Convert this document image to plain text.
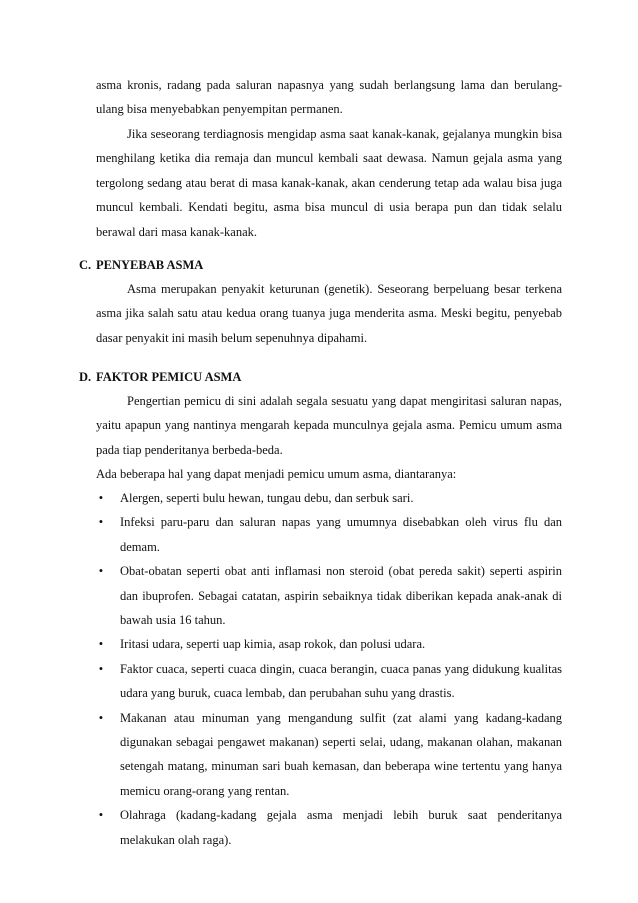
asma kronis, radang pada saluran napasnya yang sudah berlangsung lama dan berulang-ulang bisa menyebabkan penyempitan permanen.

Jika seseorang terdiagnosis mengidap asma saat kanak-kanak, gejalanya mungkin bisa menghilang ketika dia remaja dan muncul kembali saat dewasa. Namun gejala asma yang tergolong sedang atau berat di masa kanak-kanak, akan cenderung tetap ada walau bisa juga muncul kembali. Kendati begitu, asma bisa muncul di usia berapa pun dan tidak selalu berawal dari masa kanak-kanak.

C. PENYEBAB ASMA

Asma merupakan penyakit keturunan (genetik). Seseorang berpeluang besar terkena asma jika salah satu atau kedua orang tuanya juga menderita asma. Meski begitu, penyebab dasar penyakit ini masih belum sepenuhnya dipahami.

D. FAKTOR PEMICU ASMA

Pengertian pemicu di sini adalah segala sesuatu yang dapat mengiritasi saluran napas, yaitu apapun yang nantinya mengarah kepada munculnya gejala asma. Pemicu umum asma pada tiap penderitanya berbeda-beda.

Ada beberapa hal yang dapat menjadi pemicu umum asma, diantaranya:

• Alergen, seperti bulu hewan, tungau debu, dan serbuk sari.
• Infeksi paru-paru dan saluran napas yang umumnya disebabkan oleh virus flu dan demam.
• Obat-obatan seperti obat anti inflamasi non steroid (obat pereda sakit) seperti aspirin dan ibuprofen. Sebagai catatan, aspirin sebaiknya tidak diberikan kepada anak-anak di bawah usia 16 tahun.
• Iritasi udara, seperti uap kimia, asap rokok, dan polusi udara.
• Faktor cuaca, seperti cuaca dingin, cuaca berangin, cuaca panas yang didukung kualitas udara yang buruk, cuaca lembab, dan perubahan suhu yang drastis.
• Makanan atau minuman yang mengandung sulfit (zat alami yang kadang-kadang digunakan sebagai pengawet makanan) seperti selai, udang, makanan olahan, makanan setengah matang, minuman sari buah kemasan, dan beberapa wine tertentu yang hanya memicu orang-orang yang rentan.
• Olahraga (kadang-kadang gejala asma menjadi lebih buruk saat penderitanya melakukan olah raga).
